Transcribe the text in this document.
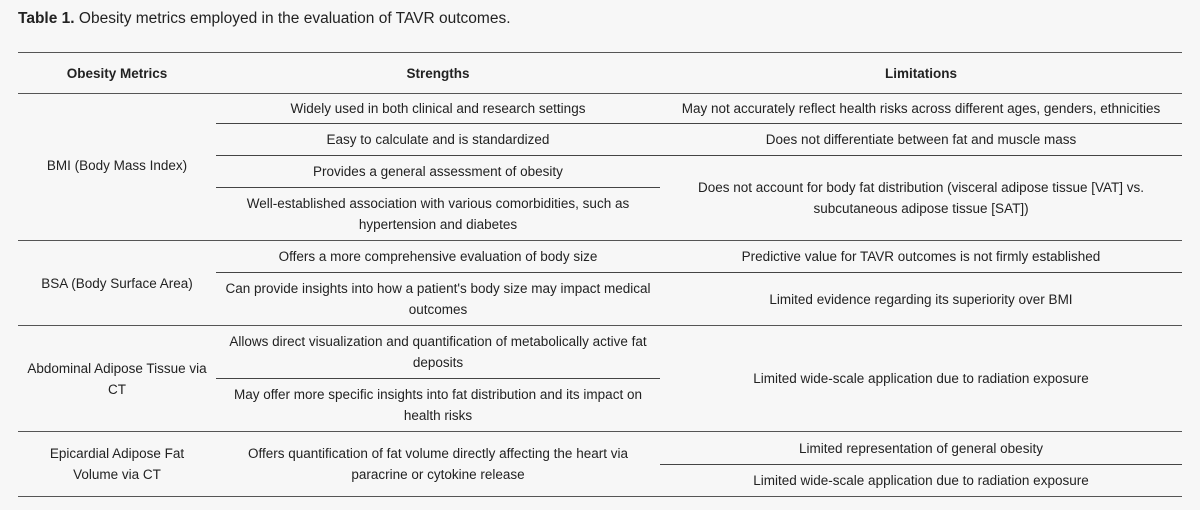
Table 1. Obesity metrics employed in the evaluation of TAVR outcomes.
Obesity Metrics	Strengths	Limitations
BMI (Body Mass Index)
Widely used in both clinical and research settings
Easy to calculate and is standardized
Provides a general assessment of obesity
Well-established association with various comorbidities, such as hypertension and diabetes
May not accurately reflect health risks across different ages, genders, ethnicities
Does not differentiate between fat and muscle mass
Does not account for body fat distribution (visceral adipose tissue [VAT] vs. subcutaneous adipose tissue [SAT])
BSA (Body Surface Area)
Offers a more comprehensive evaluation of body size
Can provide insights into how a patient's body size may impact medical outcomes
Predictive value for TAVR outcomes is not firmly established
Limited evidence regarding its superiority over BMI
Abdominal Adipose Tissue via CT
Allows direct visualization and quantification of metabolically active fat deposits
May offer more specific insights into fat distribution and its impact on health risks
Limited wide-scale application due to radiation exposure
Epicardial Adipose Fat Volume via CT
Offers quantification of fat volume directly affecting the heart via paracrine or cytokine release
Limited representation of general obesity
Limited wide-scale application due to radiation exposure
